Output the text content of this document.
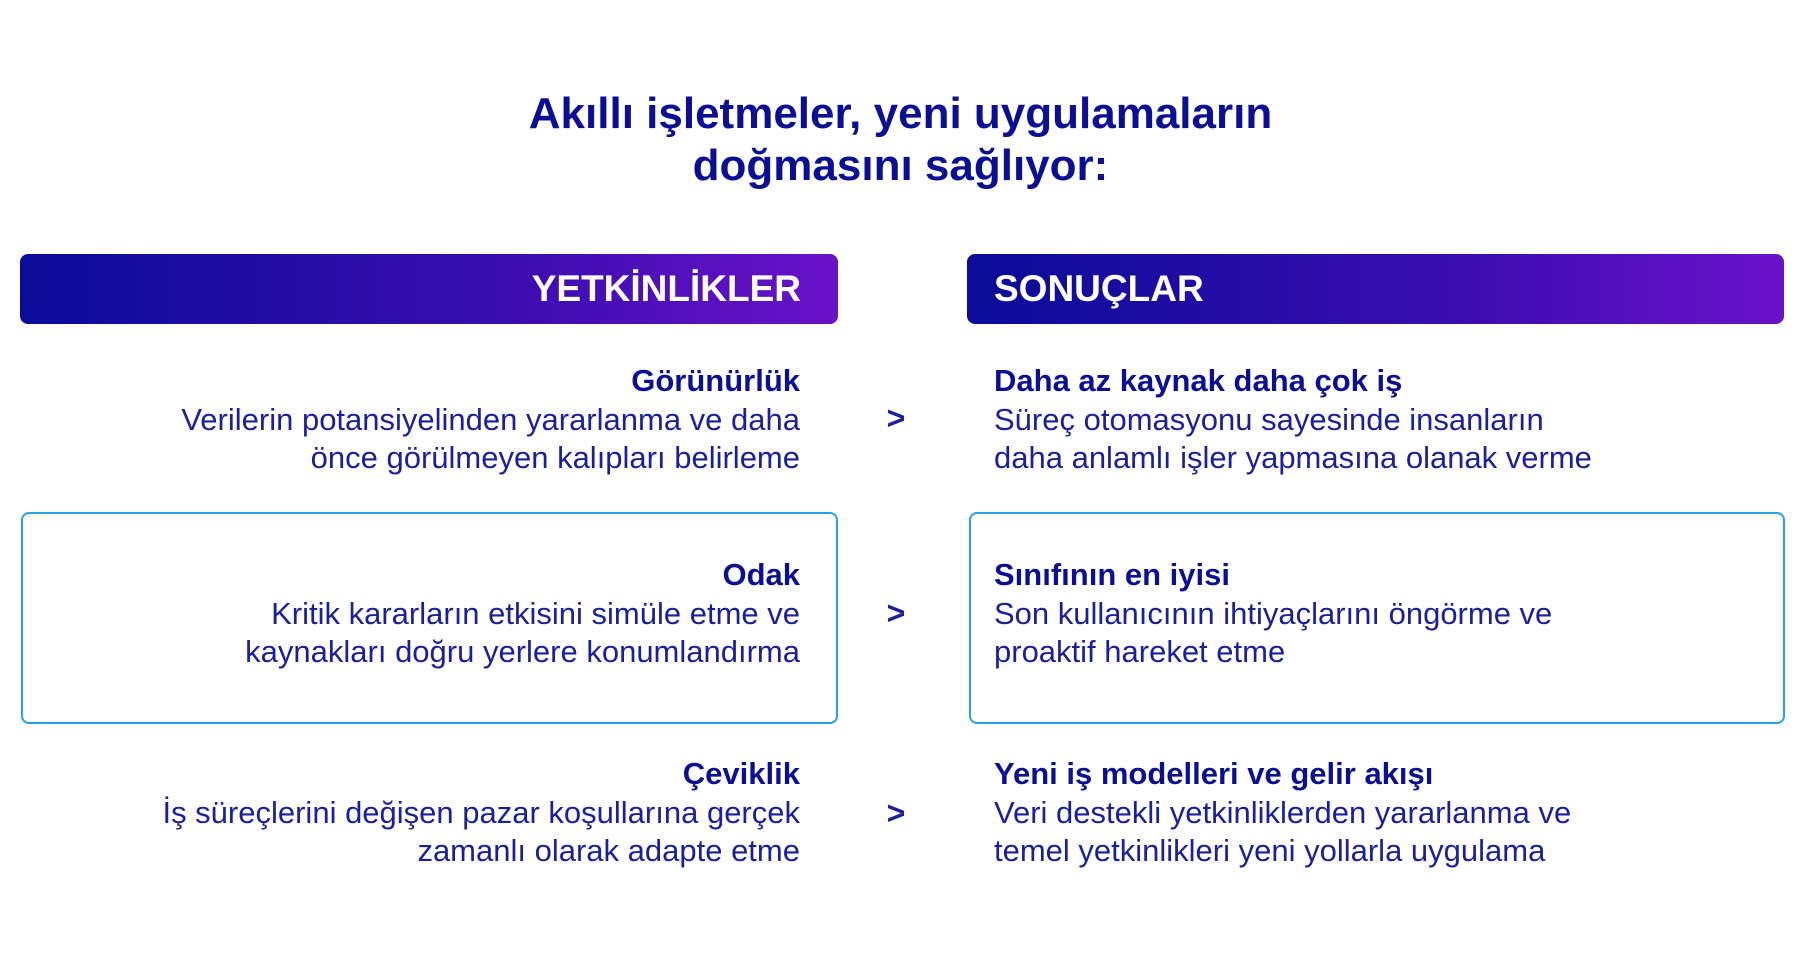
Akıllı işletmeler, yeni uygulamaların
doğmasını sağlıyor:
YETKİNLİKLER	SONUÇLAR
Görünürlük
Verilerin potansiyelinden yararlanma ve daha
önce görülmeyen kalıpları belirleme
>
Daha az kaynak daha çok iş
Süreç otomasyonu sayesinde insanların
daha anlamlı işler yapmasına olanak verme
Odak
Kritik kararların etkisini simüle etme ve
kaynakları doğru yerlere konumlandırma
>
Sınıfının en iyisi
Son kullanıcının ihtiyaçlarını öngörme ve
proaktif hareket etme
Çeviklik
İş süreçlerini değişen pazar koşullarına gerçek
zamanlı olarak adapte etme
>
Yeni iş modelleri ve gelir akışı
Veri destekli yetkinliklerden yararlanma ve
temel yetkinlikleri yeni yollarla uygulama
